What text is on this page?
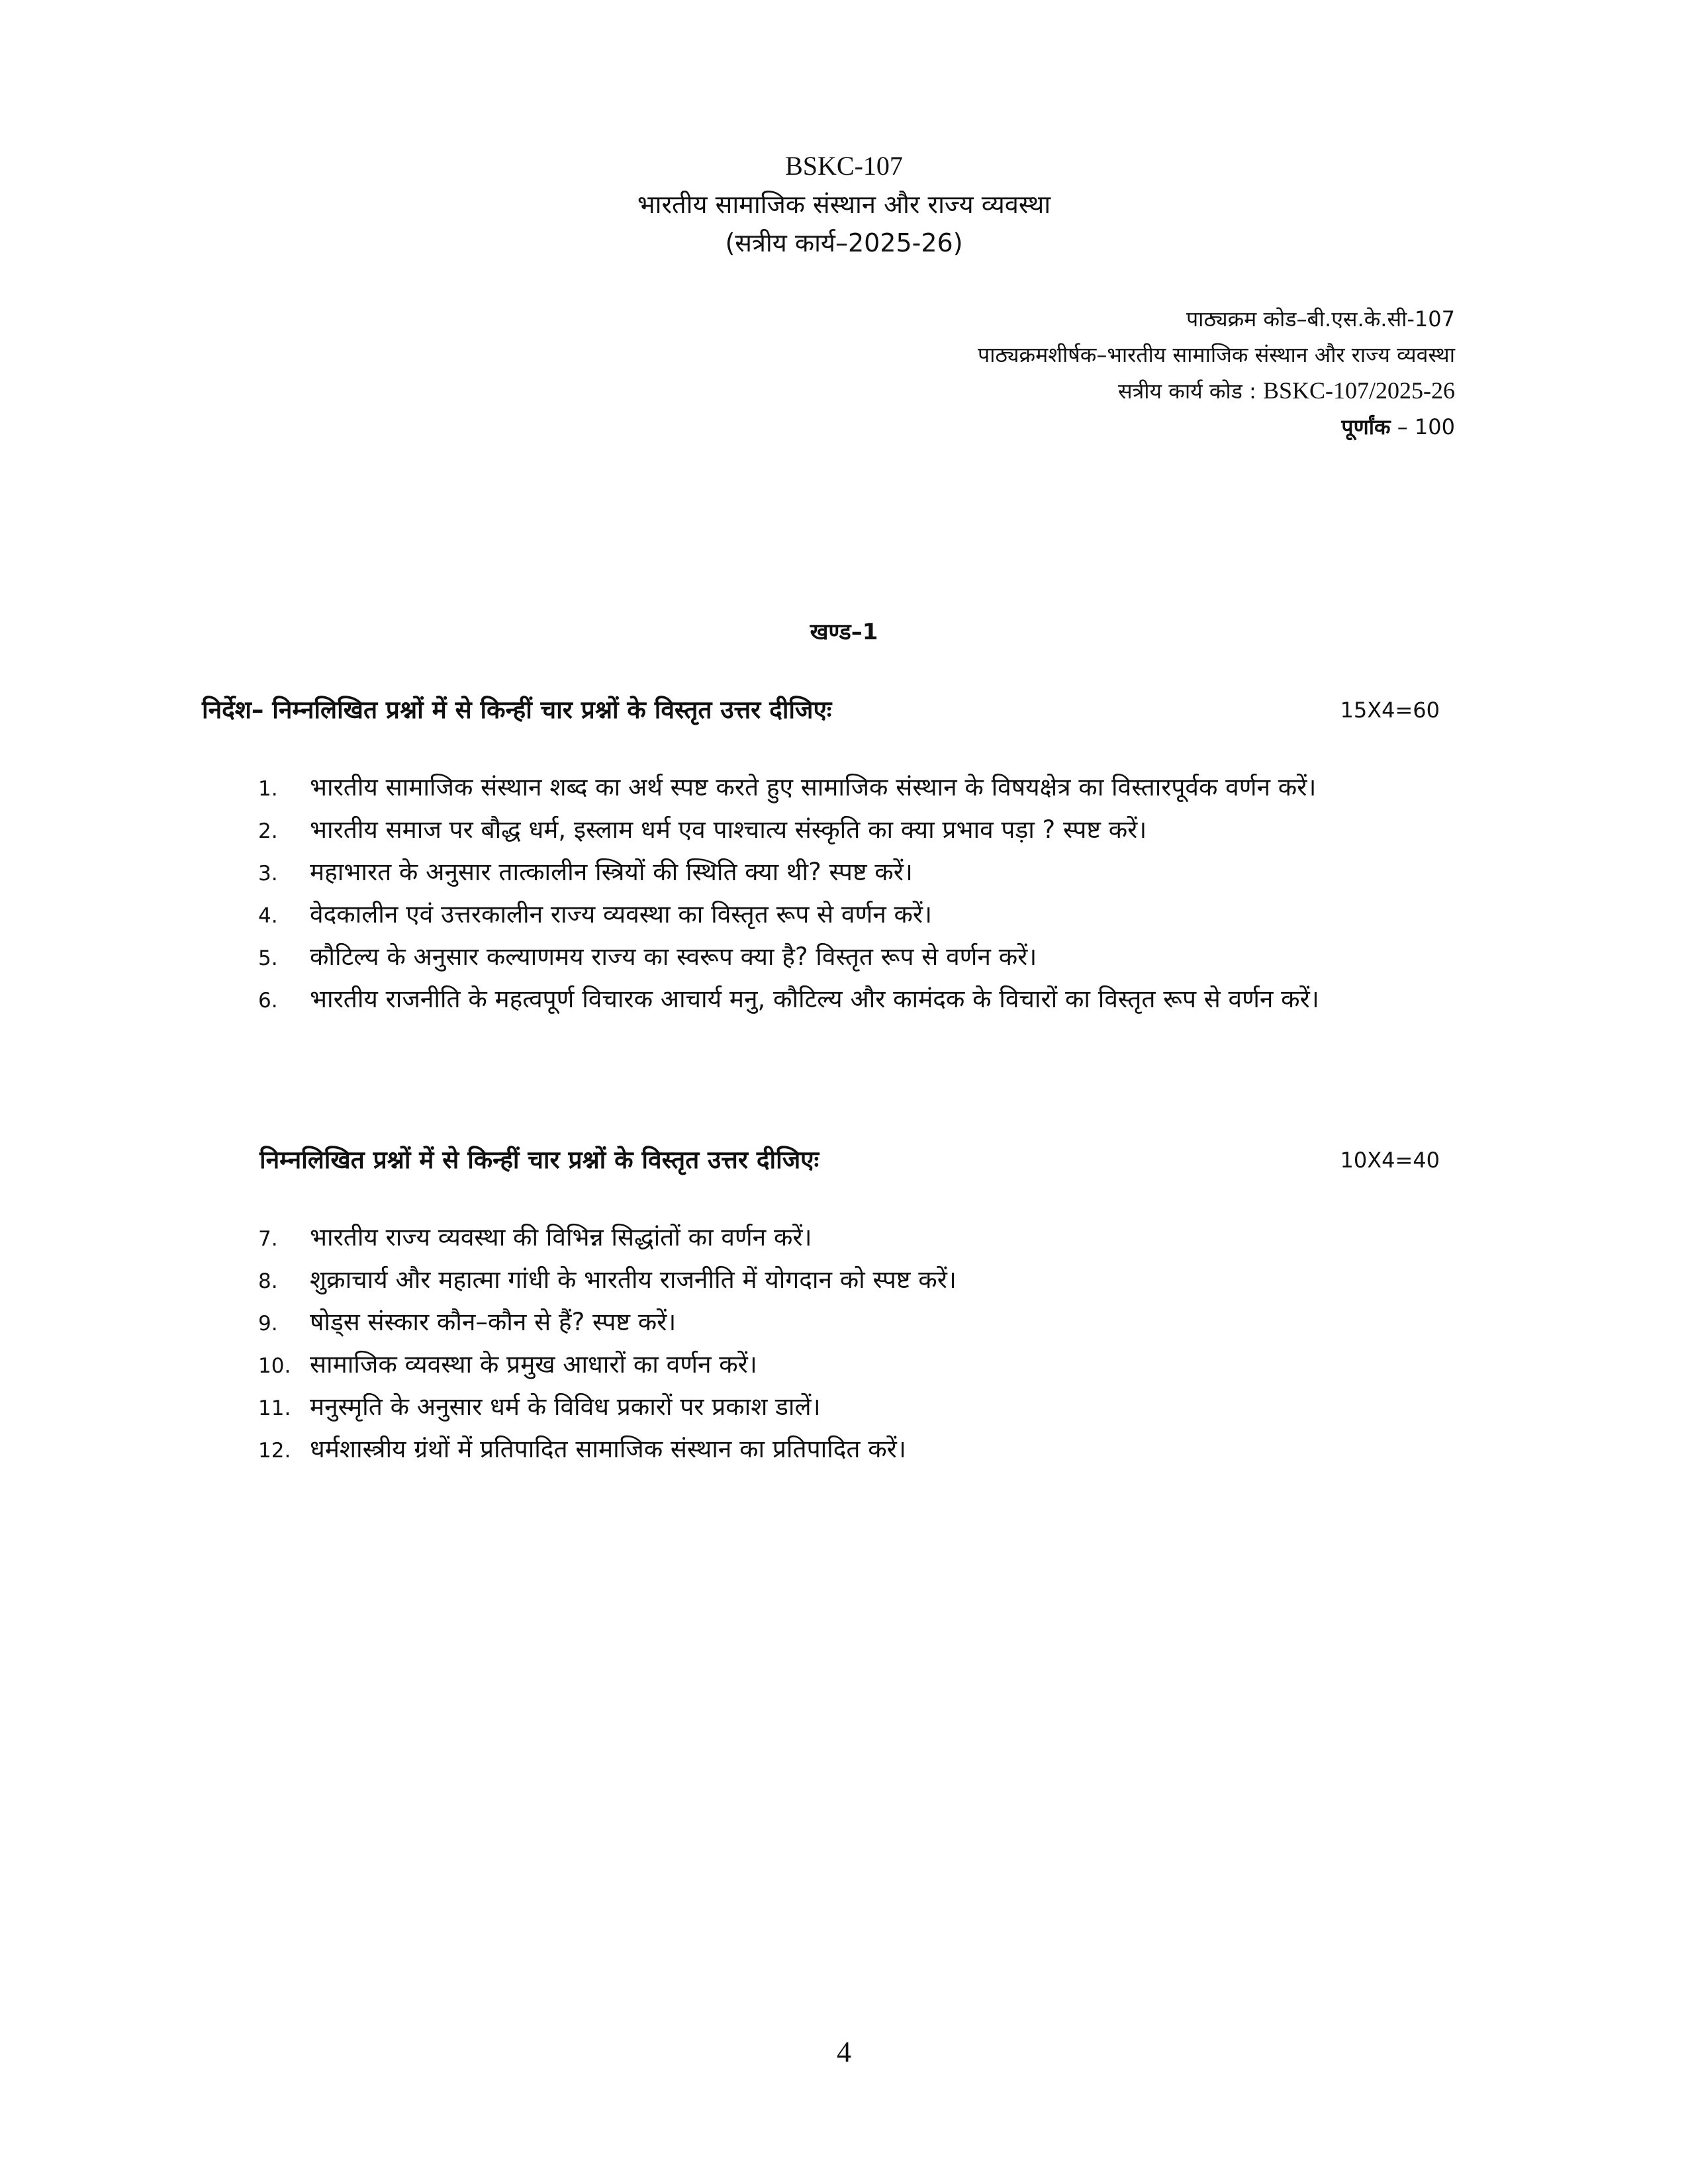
BSKC-107
भारतीय सामाजिक संस्थान और राज्य व्यवस्था
(सत्रीय कार्य–2025-26)
पाठ्यक्रम कोड–बी.एस.के.सी-107
पाठ्यक्रमशीर्षक–भारतीय सामाजिक संस्थान और राज्य व्यवस्था
सत्रीय कार्य कोड : BSKC-107/2025-26
पूर्णांक – 100
खण्ड–1
निर्देश– निम्नलिखित प्रश्नों में से किन्हीं चार प्रश्नों के विस्तृत उत्तर दीजिएः	15X4=60
1. भारतीय सामाजिक संस्थान शब्द का अर्थ स्पष्ट करते हुए सामाजिक संस्थान के विषयक्षेत्र का विस्तारपूर्वक वर्णन करें।
2. भारतीय समाज पर बौद्ध धर्म, इस्लाम धर्म एव पाश्चात्य संस्कृति का क्या प्रभाव पड़ा ? स्पष्ट करें।
3. महाभारत के अनुसार तात्कालीन स्त्रियों की स्थिति क्या थी? स्पष्ट करें।
4. वेदकालीन एवं उत्तरकालीन राज्य व्यवस्था का विस्तृत रूप से वर्णन करें।
5. कौटिल्य के अनुसार कल्याणमय राज्य का स्वरूप क्या है? विस्तृत रूप से वर्णन करें।
6. भारतीय राजनीति के महत्वपूर्ण विचारक आचार्य मनु, कौटिल्य और कामंदक के विचारों का विस्तृत रूप से वर्णन करें।
निम्नलिखित प्रश्नों में से किन्हीं चार प्रश्नों के विस्तृत उत्तर दीजिएः	10X4=40
7. भारतीय राज्य व्यवस्था की विभिन्न सिद्धांतों का वर्णन करें।
8. शुक्राचार्य और महात्मा गांधी के भारतीय राजनीति में योगदान को स्पष्ट करें।
9. षोड्स संस्कार कौन–कौन से हैं? स्पष्ट करें।
10. सामाजिक व्यवस्था के प्रमुख आधारों का वर्णन करें।
11. मनुस्मृति के अनुसार धर्म के विविध प्रकारों पर प्रकाश डालें।
12. धर्मशास्त्रीय ग्रंथों में प्रतिपादित सामाजिक संस्थान का प्रतिपादित करें।
4
